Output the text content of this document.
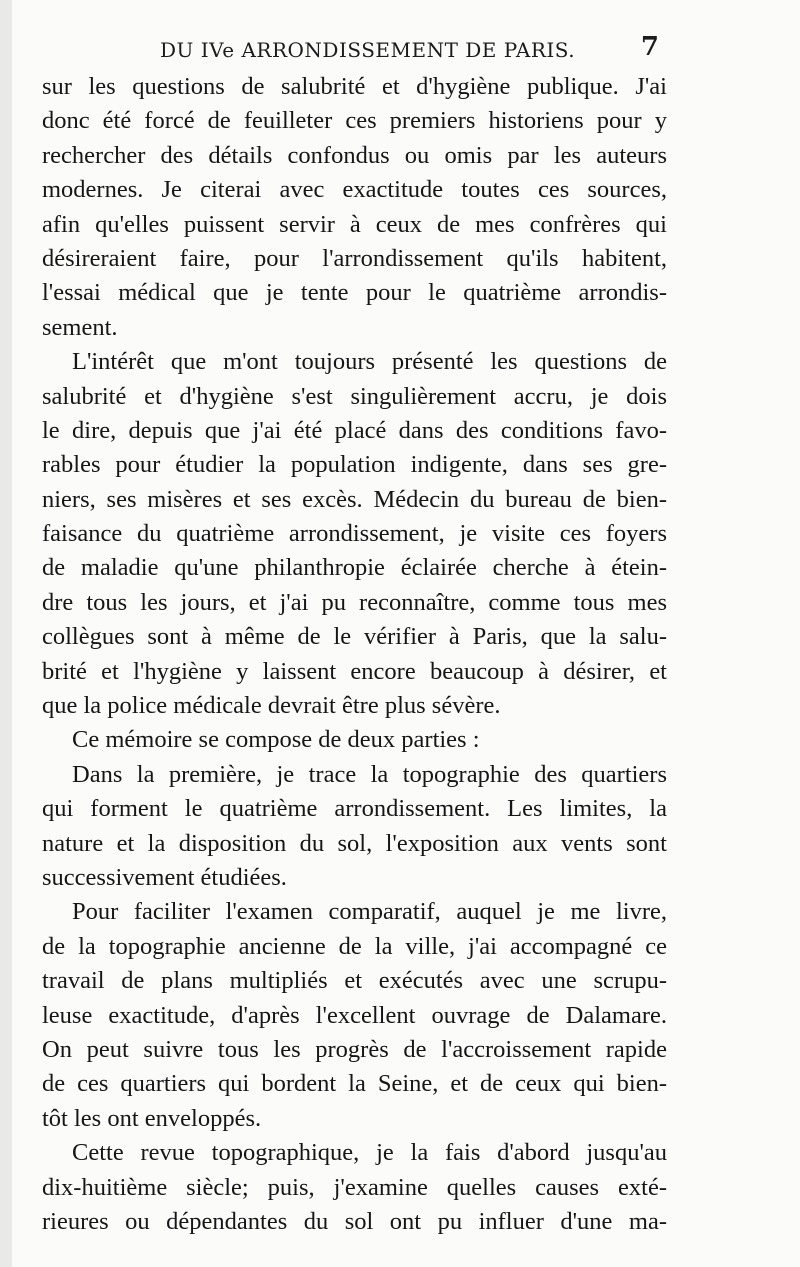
DU IVe ARRONDISSEMENT DE PARIS.	7
sur les questions de salubrité et d'hygiène publique. J'ai
donc été forcé de feuilleter ces premiers historiens pour y
rechercher des détails confondus ou omis par les auteurs
modernes. Je citerai avec exactitude toutes ces sources,
afin qu'elles puissent servir à ceux de mes confrères qui
désireraient faire, pour l'arrondissement qu'ils habitent,
l'essai médical que je tente pour le quatrième arrondis-
sement.
L'intérêt que m'ont toujours présenté les questions de
salubrité et d'hygiène s'est singulièrement accru, je dois
le dire, depuis que j'ai été placé dans des conditions favo-
rables pour étudier la population indigente, dans ses gre-
niers, ses misères et ses excès. Médecin du bureau de bien-
faisance du quatrième arrondissement, je visite ces foyers
de maladie qu'une philanthropie éclairée cherche à étein-
dre tous les jours, et j'ai pu reconnaître, comme tous mes
collègues sont à même de le vérifier à Paris, que la salu-
brité et l'hygiène y laissent encore beaucoup à désirer, et
que la police médicale devrait être plus sévère.
Ce mémoire se compose de deux parties :
Dans la première, je trace la topographie des quartiers
qui forment le quatrième arrondissement. Les limites, la
nature et la disposition du sol, l'exposition aux vents sont
successivement étudiées.
Pour faciliter l'examen comparatif, auquel je me livre,
de la topographie ancienne de la ville, j'ai accompagné ce
travail de plans multipliés et exécutés avec une scrupu-
leuse exactitude, d'après l'excellent ouvrage de Dalamare.
On peut suivre tous les progrès de l'accroissement rapide
de ces quartiers qui bordent la Seine, et de ceux qui bien-
tôt les ont enveloppés.
Cette revue topographique, je la fais d'abord jusqu'au
dix-huitième siècle; puis, j'examine quelles causes exté-
rieures ou dépendantes du sol ont pu influer d'une ma-
